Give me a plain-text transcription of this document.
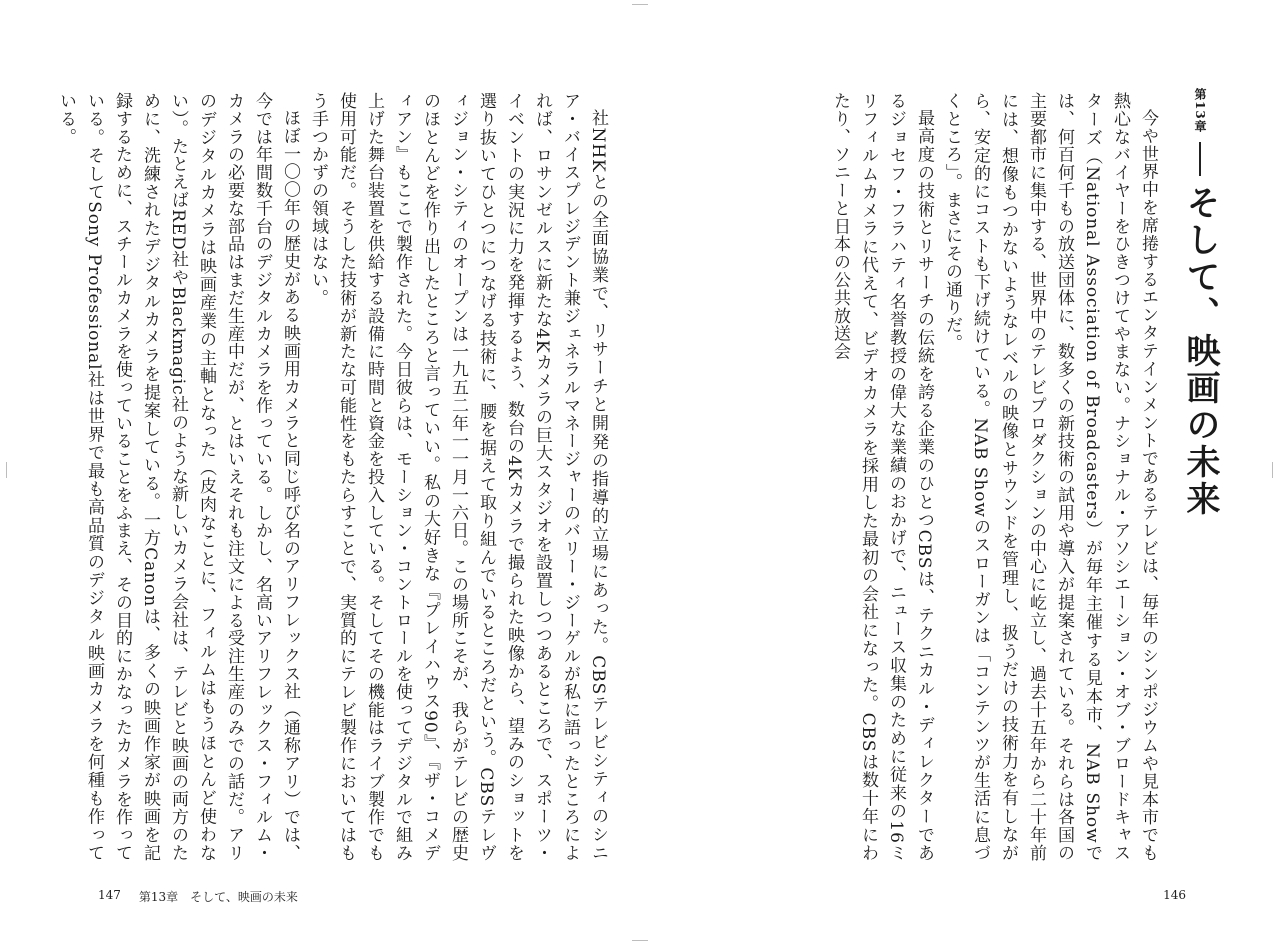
社NHKとの全面協業で、リサーチと開発の指導的立場にあった。CBSテレビシティのシニア・バイスプレジデント兼ジェネラルマネージャーのバリー・ジーゲルが私に語ったところによれば、ロサンゼルスに新たな4Kカメラの巨大スタジオを設置しつつあるところで、スポーツ・イベントの実況に力を発揮するよう、数台の4Kカメラで撮られた映像から、望みのショットを選り抜いてひとつにつなげる技術に、腰を据えて取り組んでいるところだという。CBSテレヴィジョン・シティのオープンは一九五二年一一月一六日。この場所こそが、我らがテレビの歴史のほとんどを作り出したところと言っていい。私の大好きな『プレイハウス90』、『ザ・コメディアン』もここで製作された。今日彼らは、モーション・コントロールを使ってデジタルで組み上げた舞台装置を供給する設備に時間と資金を投入している。そしてその機能はライブ製作でも使用可能だ。そうした技術が新たな可能性をもたらすことで、実質的にテレビ製作においてはもう手つかずの領域はない。

ほぼ一〇〇年の歴史がある映画用カメラと同じ呼び名のアリフレックス社（通称アリ）では、今では年間数千台のデジタルカメラを作っている。しかし、名高いアリフレックス・フィルム・カメラの必要な部品はまだ生産中だが、とはいえそれも注文による受注生産のみでの話だ。アリのデジタルカメラは映画産業の主軸となった（皮肉なことに、フィルムはもうほとんど使わない）。たとえばRED社やBlackmagic社のような新しいカメラ会社は、テレビと映画の両方のために、洗練されたデジタルカメラを提案している。一方Canonは、多くの映画作家が映画を記録するために、スチールカメラを使っていることをふまえ、その目的にかなったカメラを作っている。そしてSony Professional社は世界で最も高品質のデジタル映画カメラを何種も作っている。

147 第13章　そして、映画の未来
第13章  そして、映画の未来

今や世界中を席捲するエンタテインメントであるテレビは、毎年のシンポジウムや見本市でも熱心なバイヤーをひきつけてやまない。ナショナル・アソシエーション・オブ・ブロードキャスターズ（National Association of Broadcasters）が毎年主催する見本市、NAB Showでは、何百何千もの放送団体に、数多くの新技術の試用や導入が提案されている。それらは各国の主要都市に集中する、世界中のテレビプロダクションの中心に屹立し、過去十五年から二十年前には、想像もつかないようなレベルの映像とサウンドを管理し、扱うだけの技術力を有しながら、安定的にコストも下げ続けている。NAB Showのスローガンは「コンテンツが生活に息づくところ」。まさにその通りだ。

最高度の技術とリサーチの伝統を誇る企業のひとつCBSは、テクニカル・ディレクターであるジョセフ・フラハティ名誉教授の偉大な業績のおかげで、ニュース収集のために従来の16ミリフィルムカメラに代えて、ビデオカメラを採用した最初の会社になった。CBSは数十年にわたり、ソニーと日本の公共放送会

146
